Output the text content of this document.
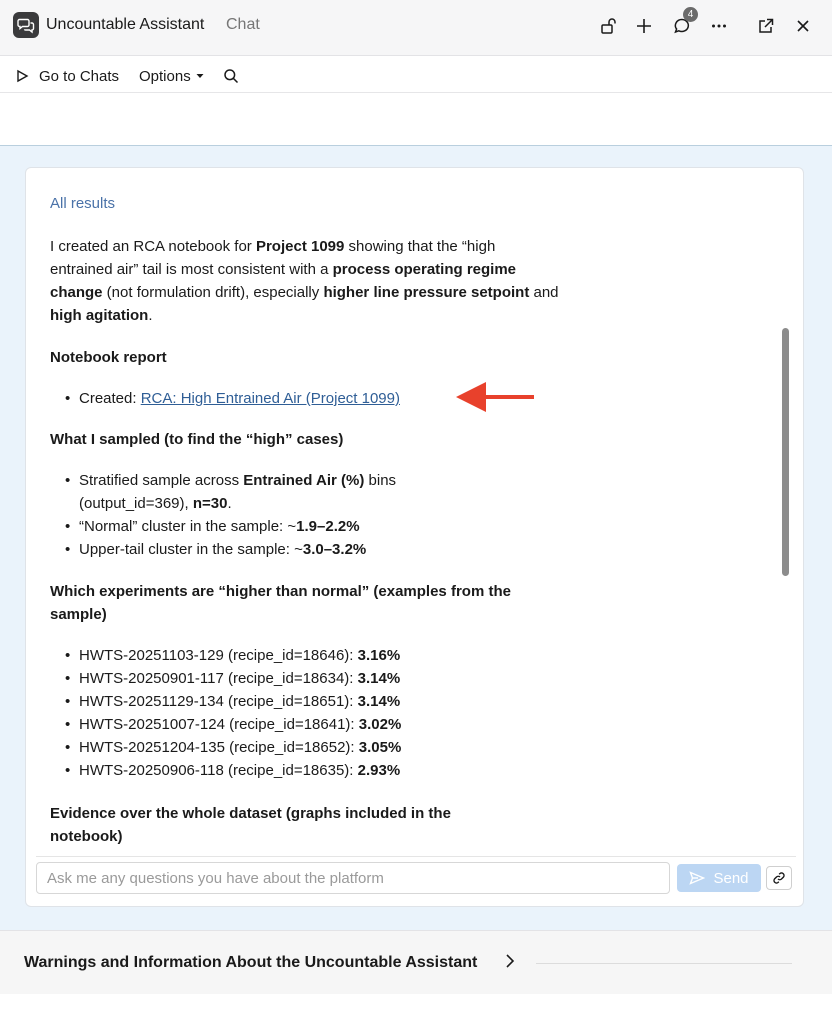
Uncountable Assistant Chat
4
Go to Chats Options
All results
I created an RCA notebook for Project 1099 showing that the “high entrained air” tail is most consistent with a process operating regime change (not formulation drift), especially higher line pressure setpoint and high agitation.
Notebook report
• Created: RCA: High Entrained Air (Project 1099)
What I sampled (to find the “high” cases)
• Stratified sample across Entrained Air (%) bins (output_id=369), n=30.
• “Normal” cluster in the sample: ~1.9–2.2%
• Upper-tail cluster in the sample: ~3.0–3.2%
Which experiments are “higher than normal” (examples from the sample)
• HWTS-20251103-129 (recipe_id=18646): 3.16%
• HWTS-20250901-117 (recipe_id=18634): 3.14%
• HWTS-20251129-134 (recipe_id=18651): 3.14%
• HWTS-20251007-124 (recipe_id=18641): 3.02%
• HWTS-20251204-135 (recipe_id=18652): 3.05%
• HWTS-20250906-118 (recipe_id=18635): 2.93%
Evidence over the whole dataset (graphs included in the notebook)
Ask me any questions you have about the platform
Send
Warnings and Information About the Uncountable Assistant
